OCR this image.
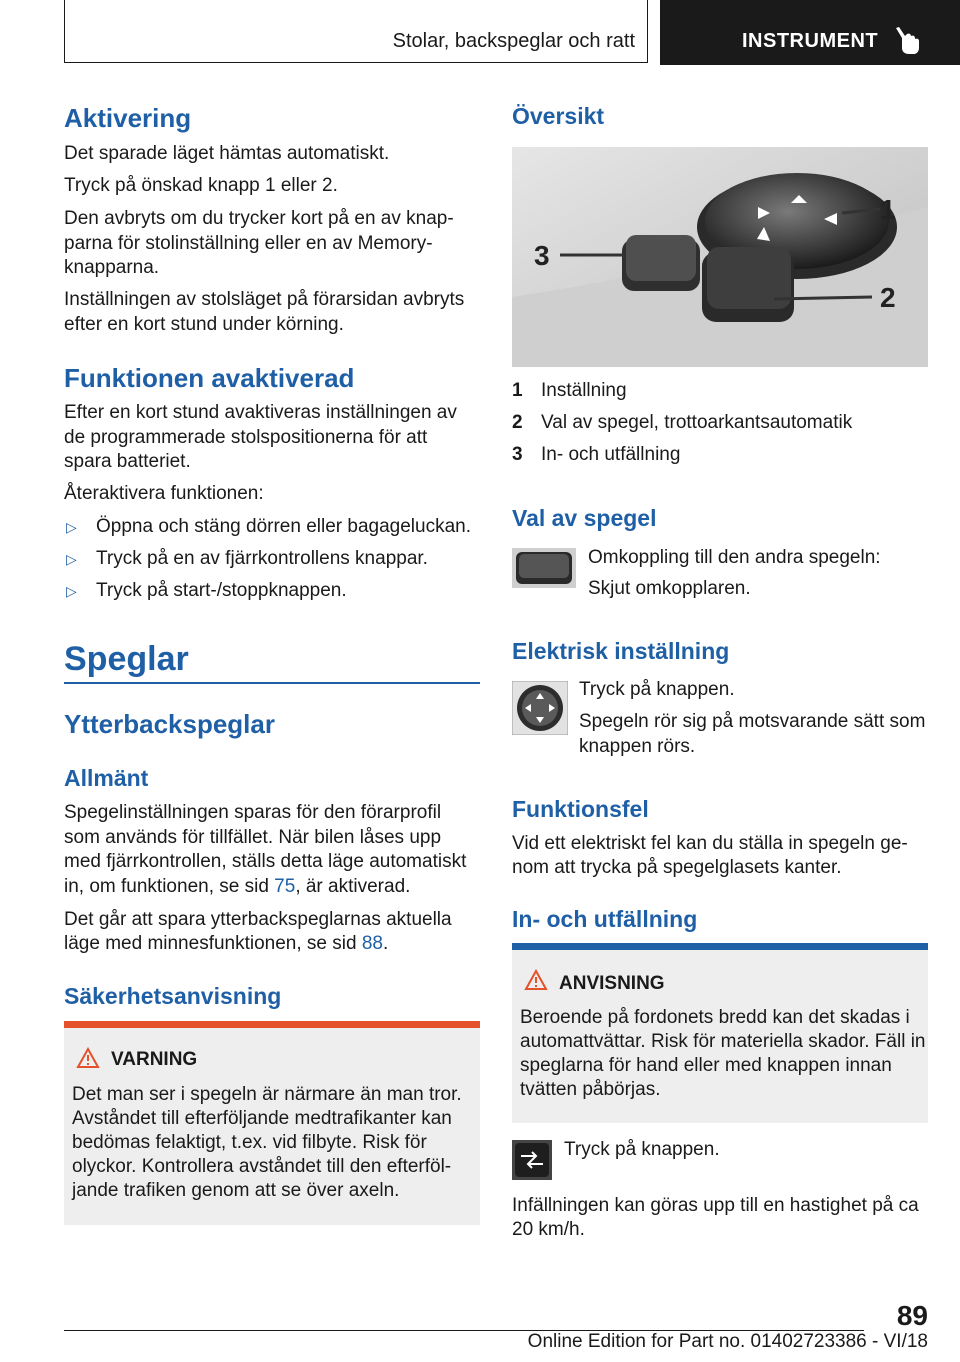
Stolar, backspeglar och ratt	INSTRUMENT
Aktivering

Det sparade läget hämtas automatiskt.

Tryck på önskad knapp 1 eller 2.

Den avbryts om du trycker kort på en av knap‐

parna för stolinställning eller en av Memory-

knapparna.

Inställningen av stolsläget på förarsidan avbryts

efter en kort stund under körning.

Funktionen avaktiverad

Efter en kort stund avaktiveras inställningen av

de programmerade stolspositionerna för att

spara batteriet.

Återaktivera funktionen:

▷ Öppna och stäng dörren eller bagageluckan.
▷ Tryck på en av fjärrkontrollens knappar.
▷ Tryck på start-/stoppknappen.
Speglar
Ytterbackspeglar
Allmänt

Spegelinställningen sparas för den förarprofil

som används för tillfället. När bilen låses upp

med fjärrkontrollen, ställs detta läge automatiskt

in, om funktionen, se sid 75, är aktiverad.

Det går att spara ytterbackspeglarnas aktuella

läge med minnesfunktionen, se sid 88.

Säkerhetsanvisning
VARNING
Det man ser i spegeln är närmare än man tror.
Avståndet till efterföljande medtrafikanter kan
bedömas felaktigt, t.ex. vid filbyte. Risk för
olyckor. Kontrollera avståndet till den efterföl‐
jande trafiken genom att se över axeln.
Översikt
1
2
3
1 Inställning
2 Val av spegel, trottoarkantsautomatik
3 In- och utfällning
Val av spegel

Omkoppling till den andra spegeln:

Skjut omkopplaren.

Elektrisk inställning

Tryck på knappen.

Spegeln rör sig på motsvarande sätt som

knappen rörs.

Funktionsfel

Vid ett elektriskt fel kan du ställa in spegeln ge‐

nom att trycka på spegelglasets kanter.

In- och utfällning
ANVISNING
Beroende på fordonets bredd kan det skadas i
automattvättar. Risk för materiella skador. Fäll in
speglarna för hand eller med knappen innan
tvätten påbörjas.

Tryck på knappen.

Infällningen kan göras upp till en hastighet på ca

20 km/h.

89
Online Edition for Part no. 01402723386 - VI/18
